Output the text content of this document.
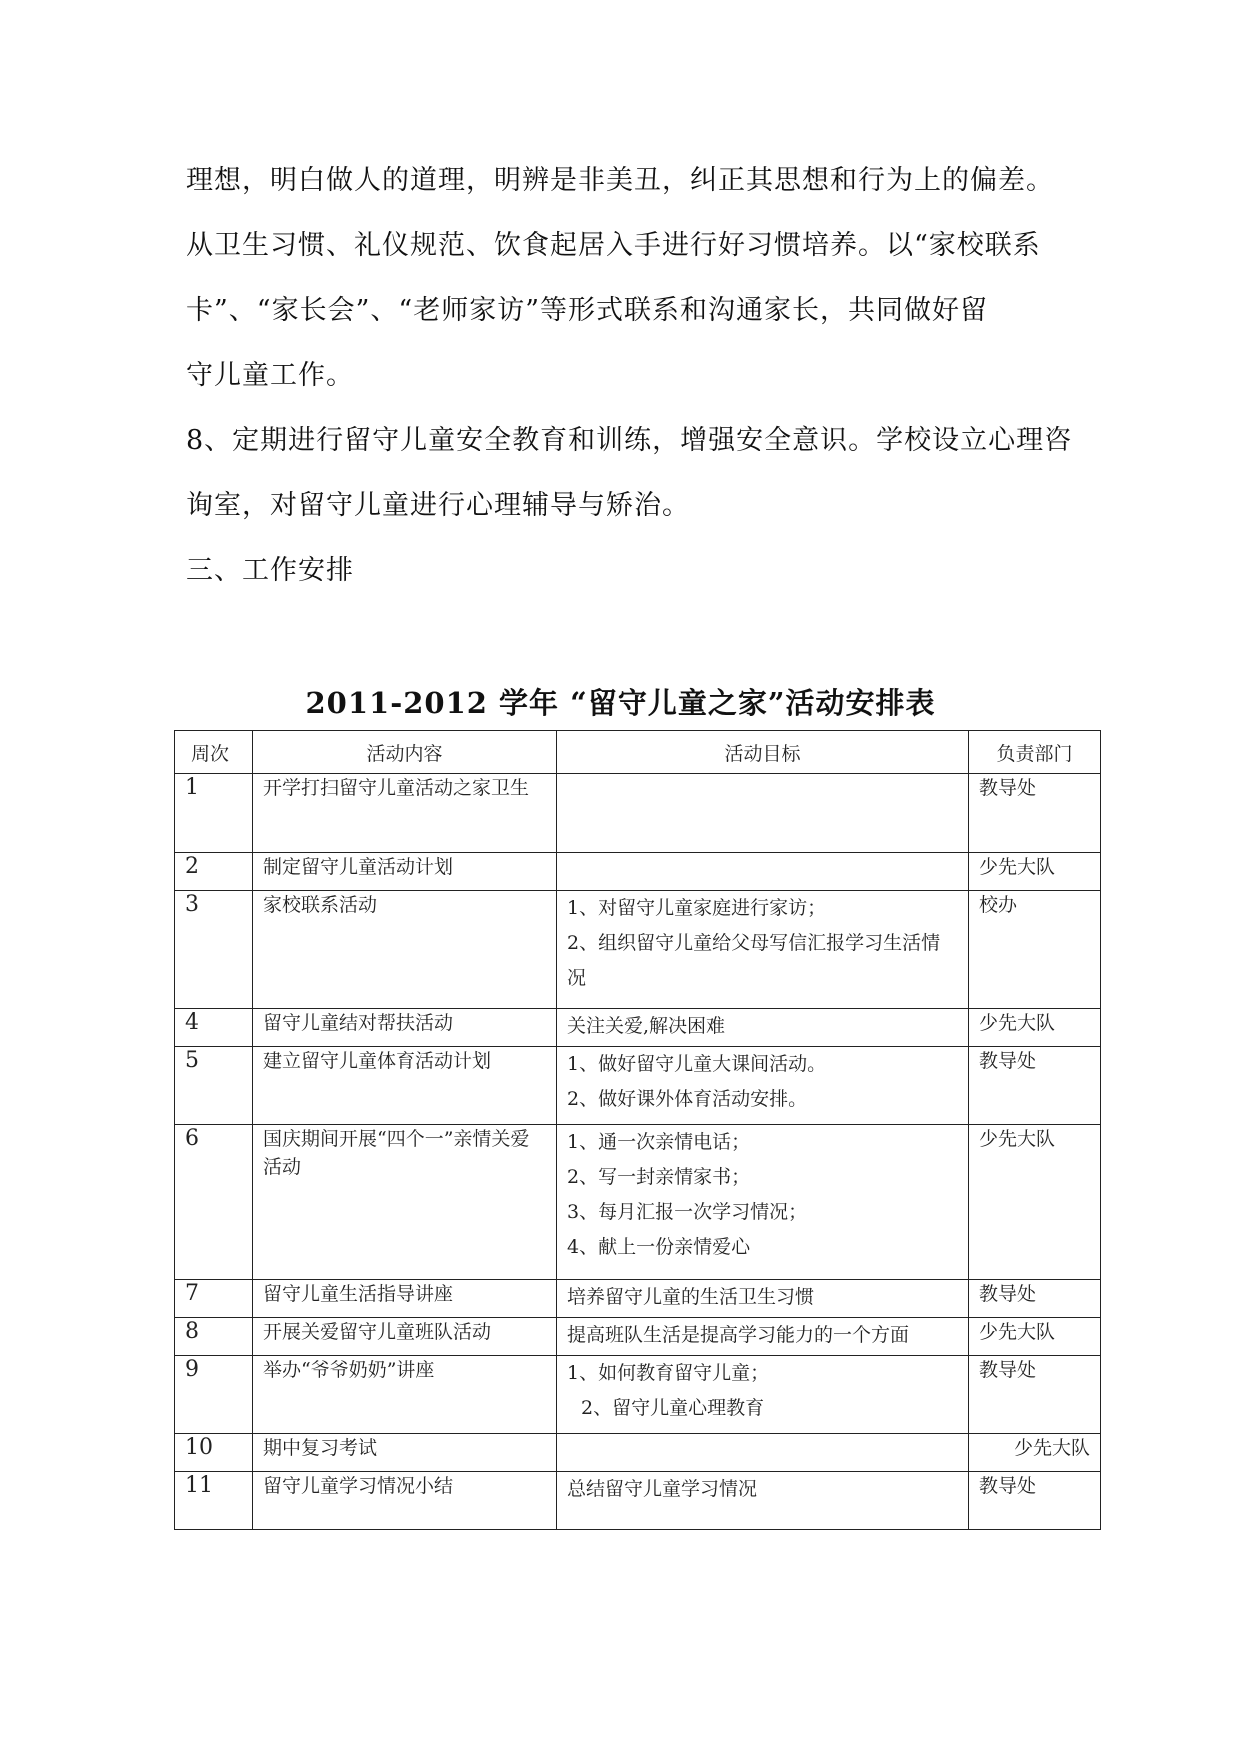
理想，明白做人的道理，明辨是非美丑，纠正其思想和行为上的偏差。
从卫生习惯、礼仪规范、饮食起居入手进行好习惯培养。以“家校联系
卡”、“家长会”、“老师家访”等形式联系和沟通家长，共同做好留
守儿童工作。
8、定期进行留守儿童安全教育和训练，增强安全意识。学校设立心理咨
询室，对留守儿童进行心理辅导与矫治。
三、工作安排
2011-2012 学年 “留守儿童之家”活动安排表
周次	活动内容	活动目标	负责部门
1	开学打扫留守儿童活动之家卫生		教导处
2	制定留守儿童活动计划		少先大队
3	家校联系活动	1、对留守儿童家庭进行家访；
2、组织留守儿童给父母写信汇报学习生活情况	校办
4	留守儿童结对帮扶活动	关注关爱,解决困难	少先大队
5	建立留守儿童体育活动计划	1、做好留守儿童大课间活动。
2、做好课外体育活动安排。	教导处
6	国庆期间开展“四个一”亲情关爱活动	1、通一次亲情电话；
2、写一封亲情家书；
3、每月汇报一次学习情况；
4、献上一份亲情爱心	少先大队
7	留守儿童生活指导讲座	培养留守儿童的生活卫生习惯	教导处
8	开展关爱留守儿童班队活动	提高班队生活是提高学习能力的一个方面	少先大队
9	举办“爷爷奶奶”讲座	1、如何教育留守儿童；
2、留守儿童心理教育	教导处
10	期中复习考试		少先大队
11	留守儿童学习情况小结	总结留守儿童学习情况	教导处
